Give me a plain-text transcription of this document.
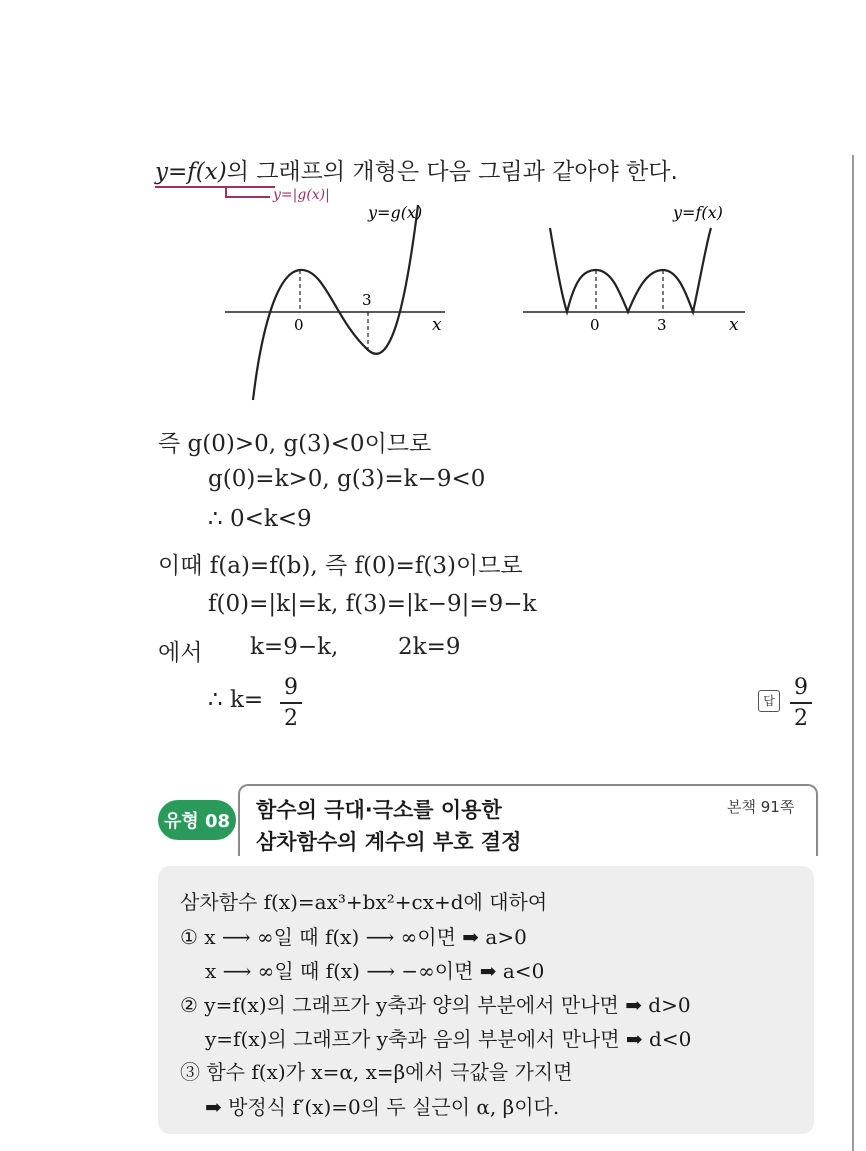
y=f(x)의 그래프의 개형은 다음 그림과 같아야 한다.
y=|g(x)|
0
3
x
y=g(x)
0	3	x
y=f(x)
즉 g(0)>0, g(3)<0이므로
g(0)=k>0, g(3)=k−9<0
∴ 0<k<9
이때 f(a)=f(b), 즉 f(0)=f(3)이므로
f(0)=|k|=k, f(3)=|k−9|=9−k
에서 k=9−k,	2k=9
∴ k= 9
2
답
9
2
유형 08 함수의 극대·극소를 이용한
삼차함수의 계수의 부호 결정
본책 91쪽
삼차함수 f(x)=ax³+bx²+cx+d에 대하여
① x ⟶ ∞일 때 f(x) ⟶ ∞이면 ➡ a>0
x ⟶ ∞일 때 f(x) ⟶ −∞이면 ➡ a<0
② y=f(x)의 그래프가 y축과 양의 부분에서 만나면 ➡ d>0
y=f(x)의 그래프가 y축과 음의 부분에서 만나면 ➡ d<0
③ 함수 f(x)가 x=α, x=β에서 극값을 가지면
➡ 방정식 f′(x)=0의 두 실근이 α, β이다.
